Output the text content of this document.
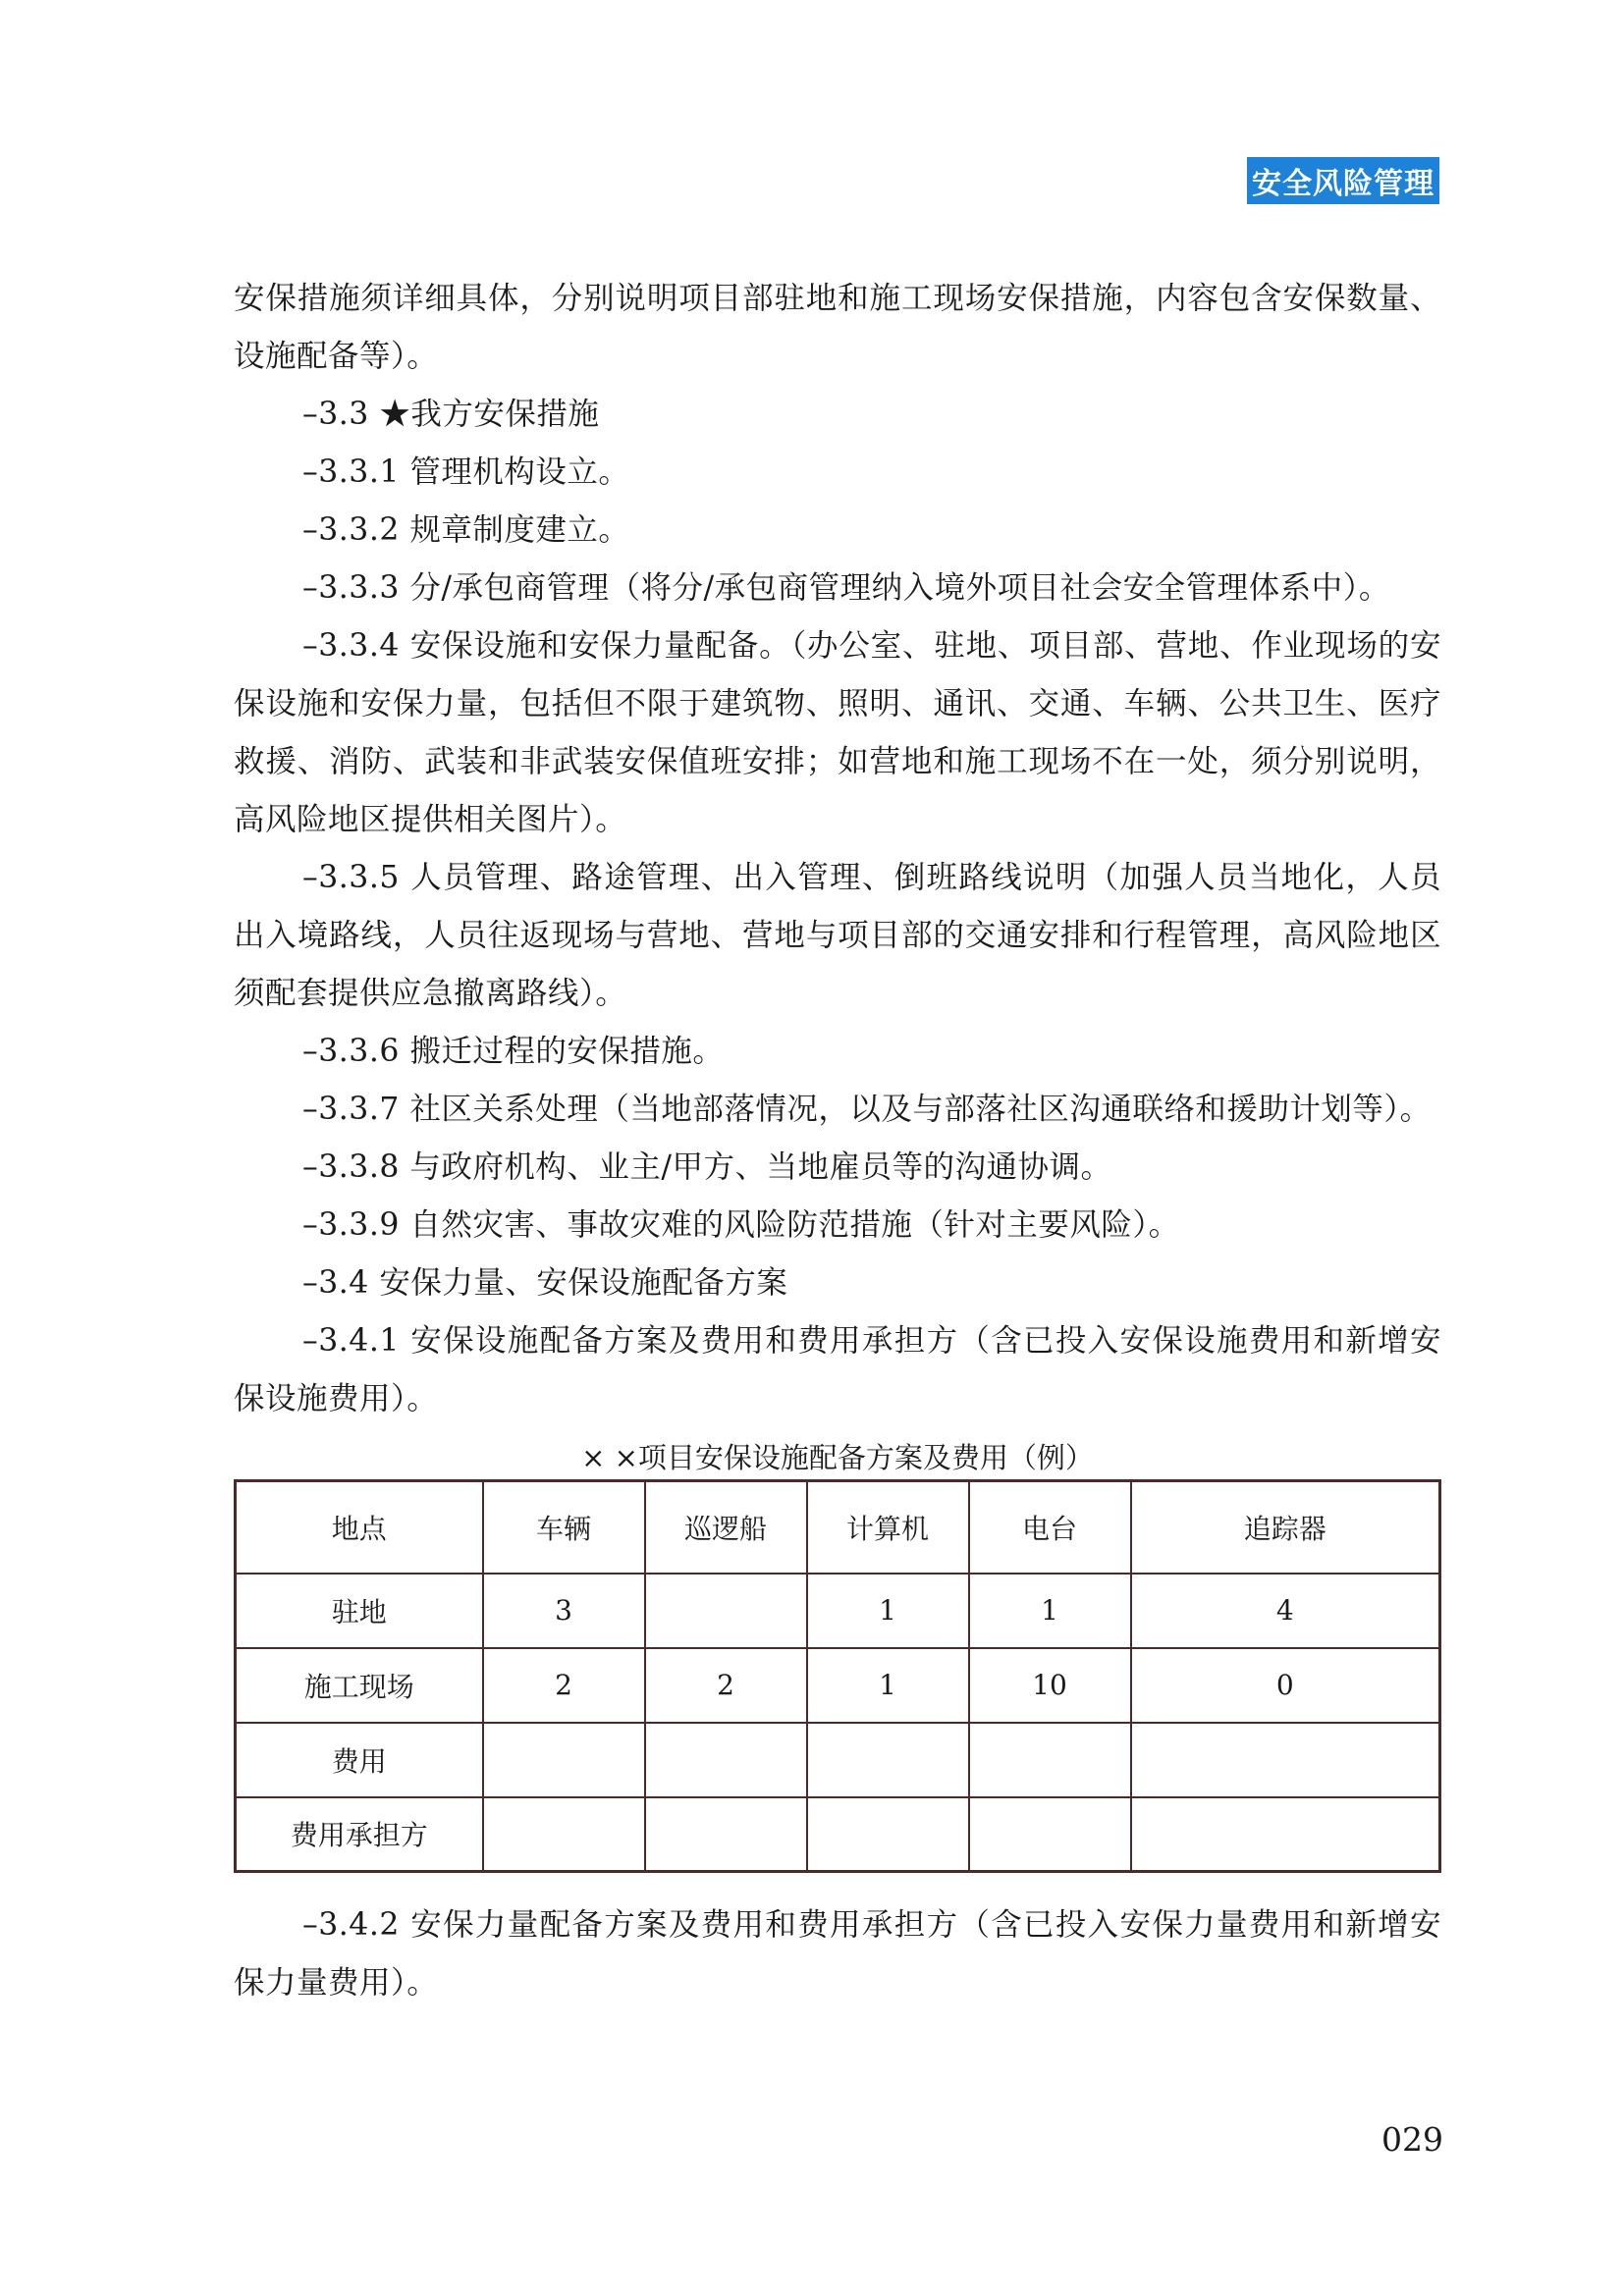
安全风险管理

安保措施须详细具体，分别说明项目部驻地和施工现场安保措施，内容包含安保数量、设施配备等）。

–3.3 ★我方安保措施

–3.3.1 管理机构设立。

–3.3.2 规章制度建立。

–3.3.3 分/承包商管理（将分/承包商管理纳入境外项目社会安全管理体系中）。

–3.3.4 安保设施和安保力量配备。（办公室、驻地、项目部、营地、作业现场的安保设施和安保力量，包括但不限于建筑物、照明、通讯、交通、车辆、公共卫生、医疗救援、消防、武装和非武装安保值班安排；如营地和施工现场不在一处，须分别说明，高风险地区提供相关图片）。

–3.3.5 人员管理、路途管理、出入管理、倒班路线说明（加强人员当地化，人员出入境路线，人员往返现场与营地、营地与项目部的交通安排和行程管理，高风险地区须配套提供应急撤离路线）。

–3.3.6 搬迁过程的安保措施。

–3.3.7 社区关系处理（当地部落情况，以及与部落社区沟通联络和援助计划等）。

–3.3.8 与政府机构、业主/甲方、当地雇员等的沟通协调。

–3.3.9 自然灾害、事故灾难的风险防范措施（针对主要风险）。

–3.4 安保力量、安保设施配备方案

–3.4.1 安保设施配备方案及费用和费用承担方（含已投入安保设施费用和新增安保设施费用）。

× ×项目安保设施配备方案及费用（例）
地点	车辆	巡逻船	计算机	电台	追踪器
驻地	3		1	1	4
施工现场	2	2	1	10	0
费用					
费用承担方					

–3.4.2 安保力量配备方案及费用和费用承担方（含已投入安保力量费用和新增安保力量费用）。

029
